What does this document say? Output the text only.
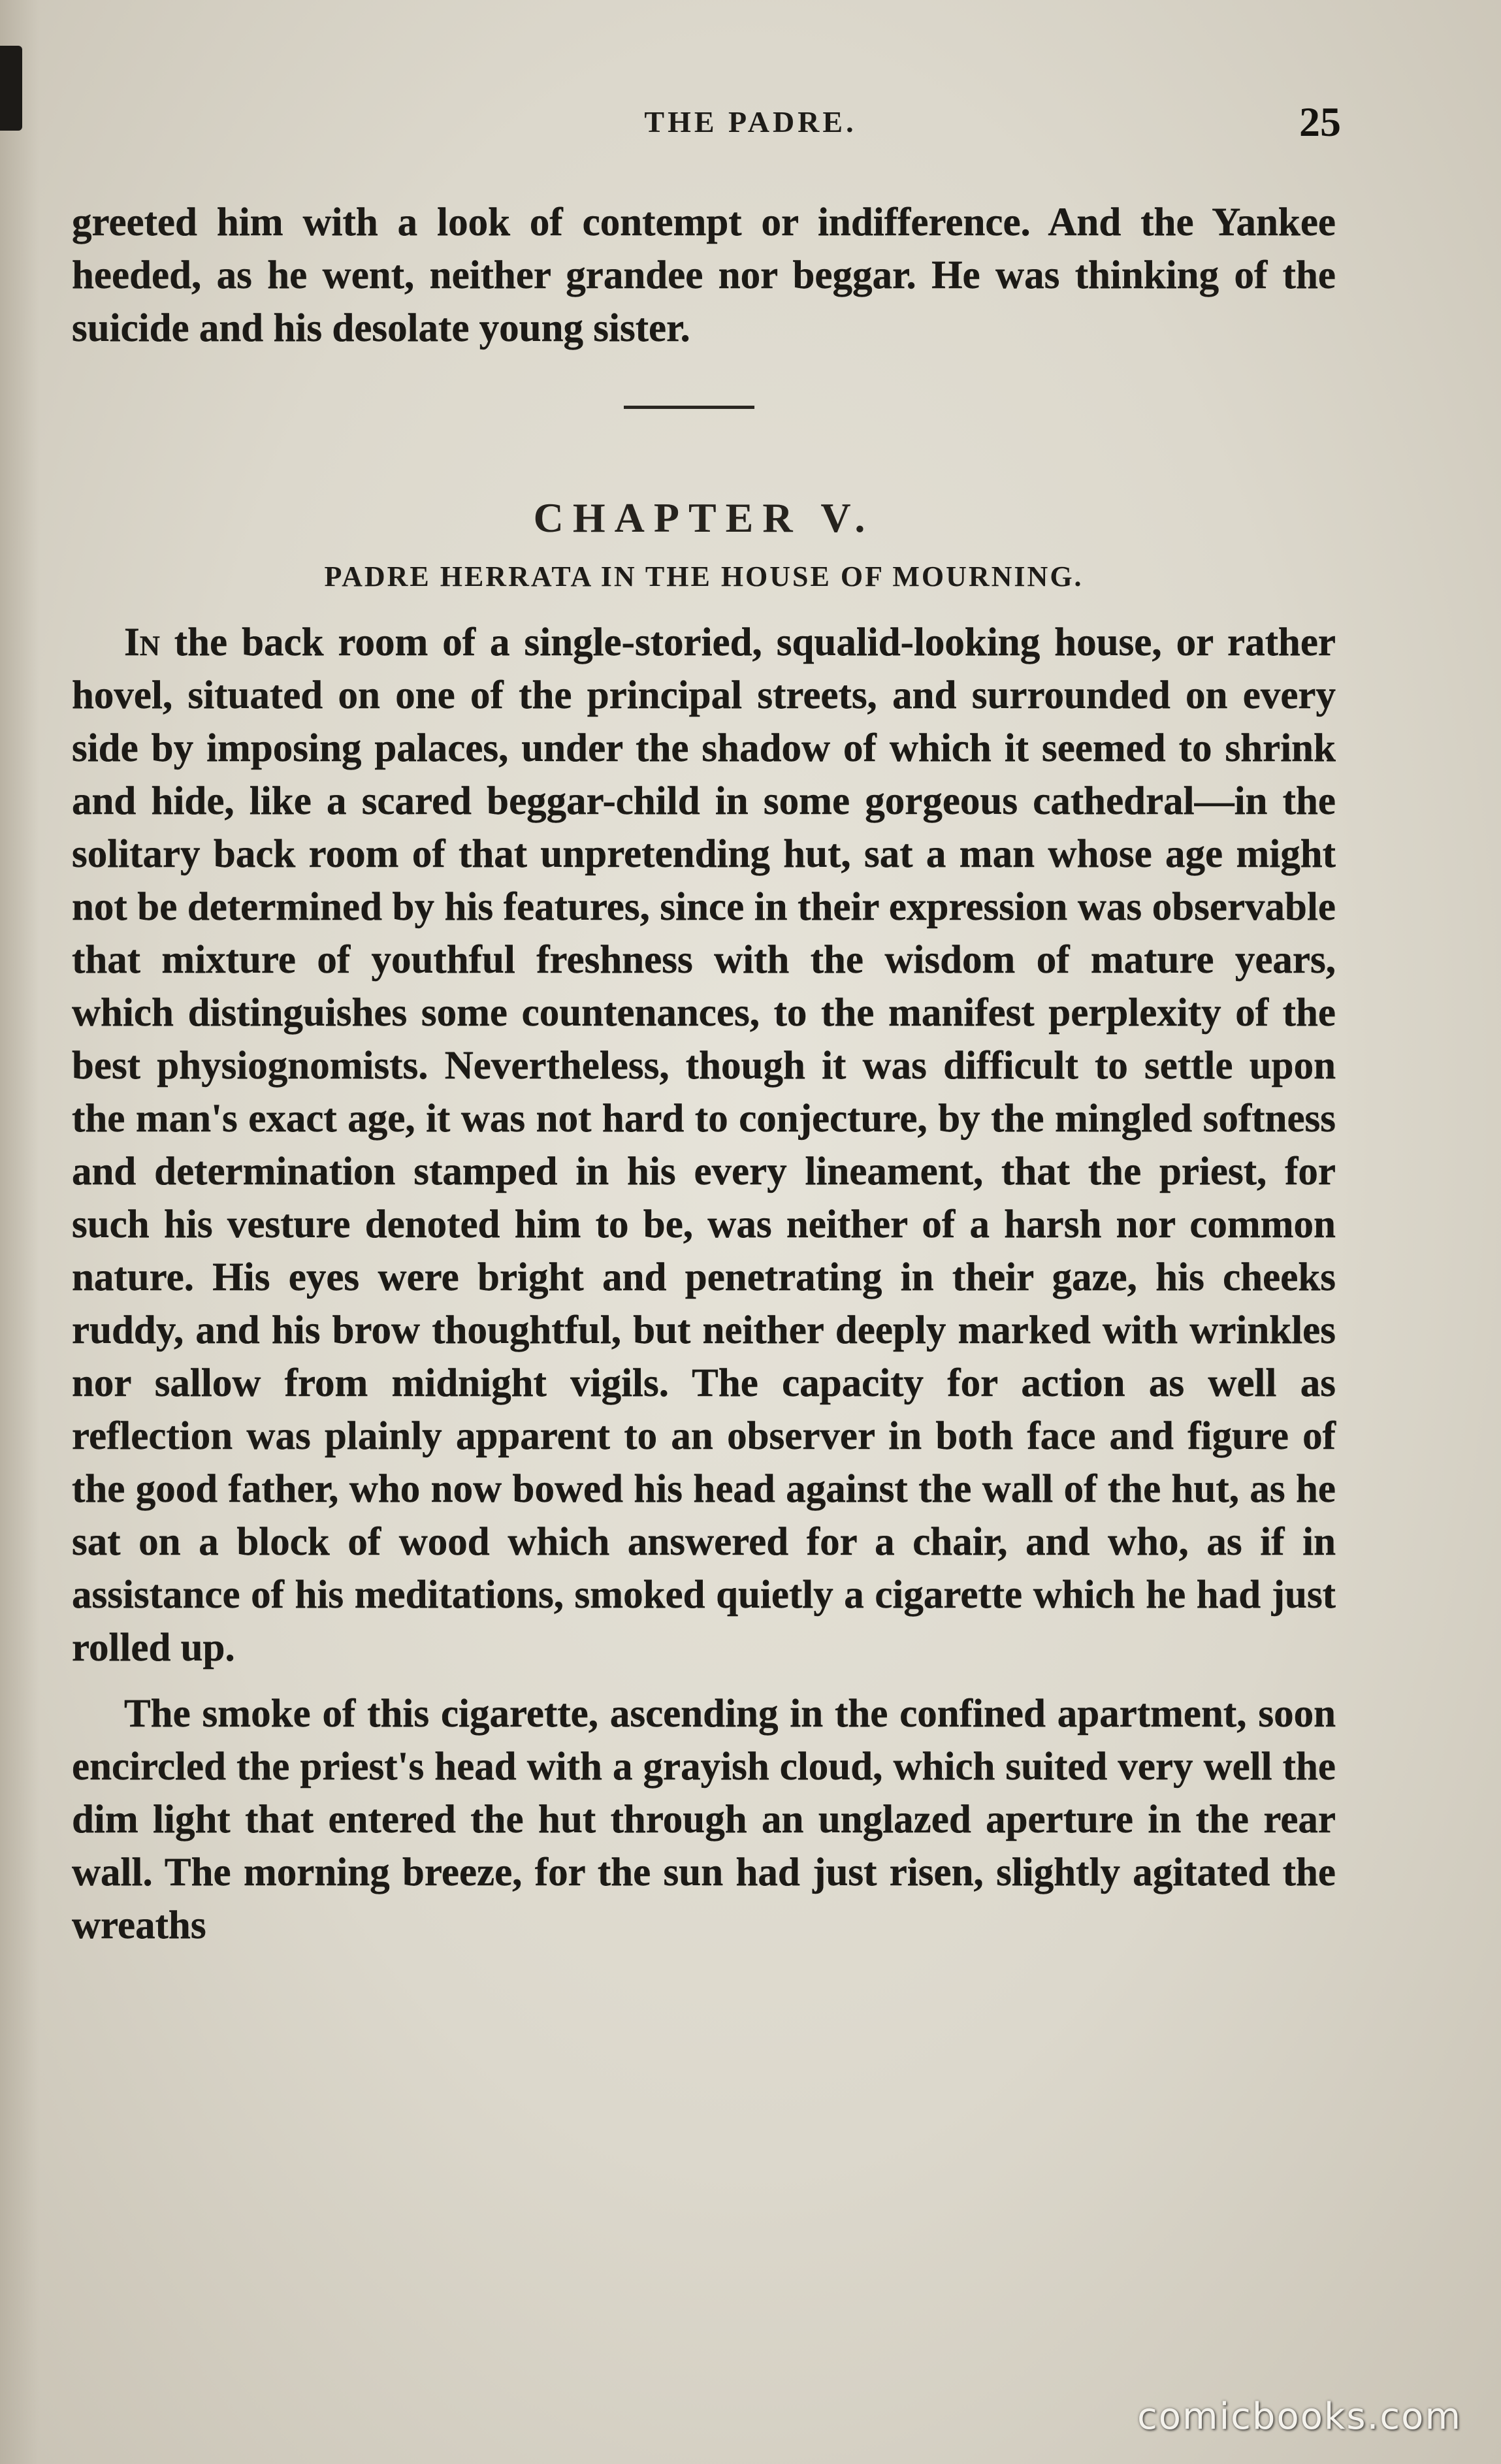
THE PADRE.	25

greeted him with a look of contempt or indifference. And the Yankee heeded, as he went, neither grandee nor beggar. He was thinking of the suicide and his desolate young sister.

CHAPTER V.
PADRE HERRATA IN THE HOUSE OF MOURNING.

In the back room of a single-storied, squalid-looking house, or rather hovel, situated on one of the principal streets, and surrounded on every side by imposing palaces, under the shadow of which it seemed to shrink and hide, like a scared beggar-child in some gorgeous cathedral—in the solitary back room of that unpretending hut, sat a man whose age might not be determined by his features, since in their expression was observable that mixture of youthful freshness with the wisdom of mature years, which distinguishes some countenances, to the manifest perplexity of the best physiognomists. Nevertheless, though it was difficult to settle upon the man's exact age, it was not hard to conjecture, by the mingled softness and determination stamped in his every lineament, that the priest, for such his vesture denoted him to be, was neither of a harsh nor common nature. His eyes were bright and penetrating in their gaze, his cheeks ruddy, and his brow thoughtful, but neither deeply marked with wrinkles nor sallow from midnight vigils. The capacity for action as well as reflection was plainly apparent to an observer in both face and figure of the good father, who now bowed his head against the wall of the hut, as he sat on a block of wood which answered for a chair, and who, as if in assistance of his meditations, smoked quietly a cigarette which he had just rolled up.

The smoke of this cigarette, ascending in the confined apartment, soon encircled the priest's head with a grayish cloud, which suited very well the dim light that entered the hut through an unglazed aperture in the rear wall. The morning breeze, for the sun had just risen, slightly agitated the wreaths

comicbooks.com
